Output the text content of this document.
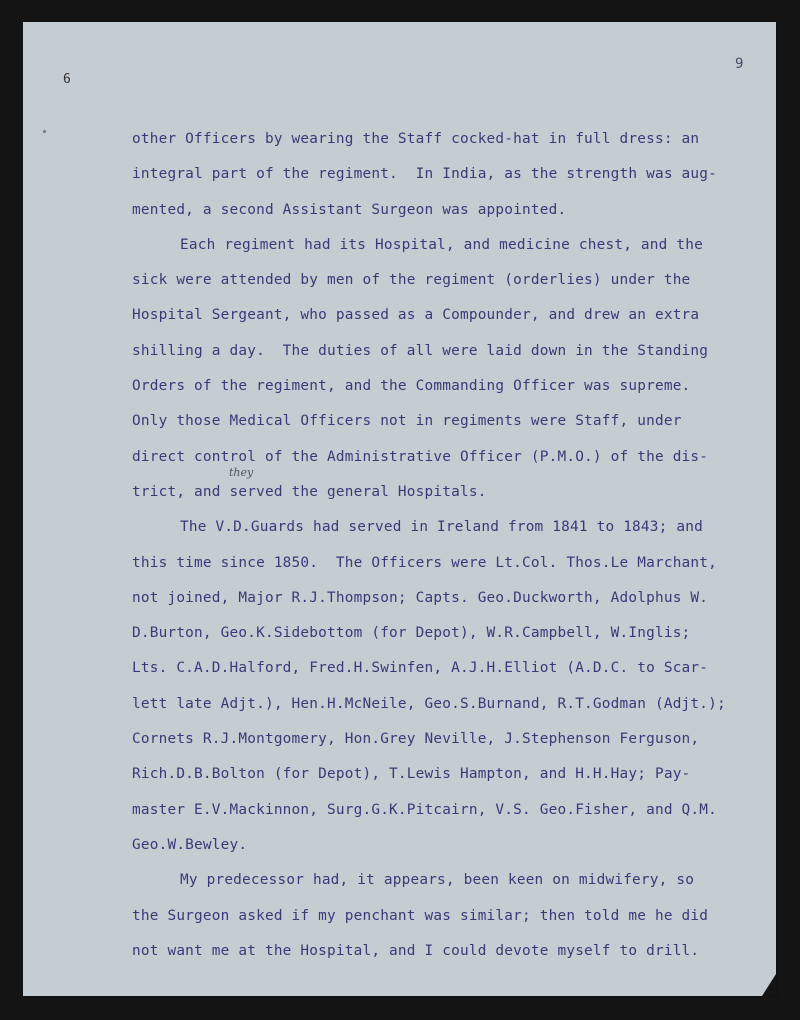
6
9
they
other Officers by wearing the Staff cocked-hat in full dress: an
integral part of the regiment.  In India, as the strength was aug-
mented, a second Assistant Surgeon was appointed.
Each regiment had its Hospital, and medicine chest, and the
sick were attended by men of the regiment (orderlies) under the
Hospital Sergeant, who passed as a Compounder, and drew an extra
shilling a day.  The duties of all were laid down in the Standing
Orders of the regiment, and the Commanding Officer was supreme.
Only those Medical Officers not in regiments were Staff, under
direct control of the Administrative Officer (P.M.O.) of the dis-
trict, and served the general Hospitals.
The V.D.Guards had served in Ireland from 1841 to 1843; and
this time since 1850.  The Officers were Lt.Col. Thos.Le Marchant,
not joined, Major R.J.Thompson; Capts. Geo.Duckworth, Adolphus W.
D.Burton, Geo.K.Sidebottom (for Depot), W.R.Campbell, W.Inglis;
Lts. C.A.D.Halford, Fred.H.Swinfen, A.J.H.Elliot (A.D.C. to Scar-
lett late Adjt.), Hen.H.McNeile, Geo.S.Burnand, R.T.Godman (Adjt.);
Cornets R.J.Montgomery, Hon.Grey Neville, J.Stephenson Ferguson,
Rich.D.B.Bolton (for Depot), T.Lewis Hampton, and H.H.Hay; Pay-
master E.V.Mackinnon, Surg.G.K.Pitcairn, V.S. Geo.Fisher, and Q.M.
Geo.W.Bewley.
My predecessor had, it appears, been keen on midwifery, so
the Surgeon asked if my penchant was similar; then told me he did
not want me at the Hospital, and I could devote myself to drill.
